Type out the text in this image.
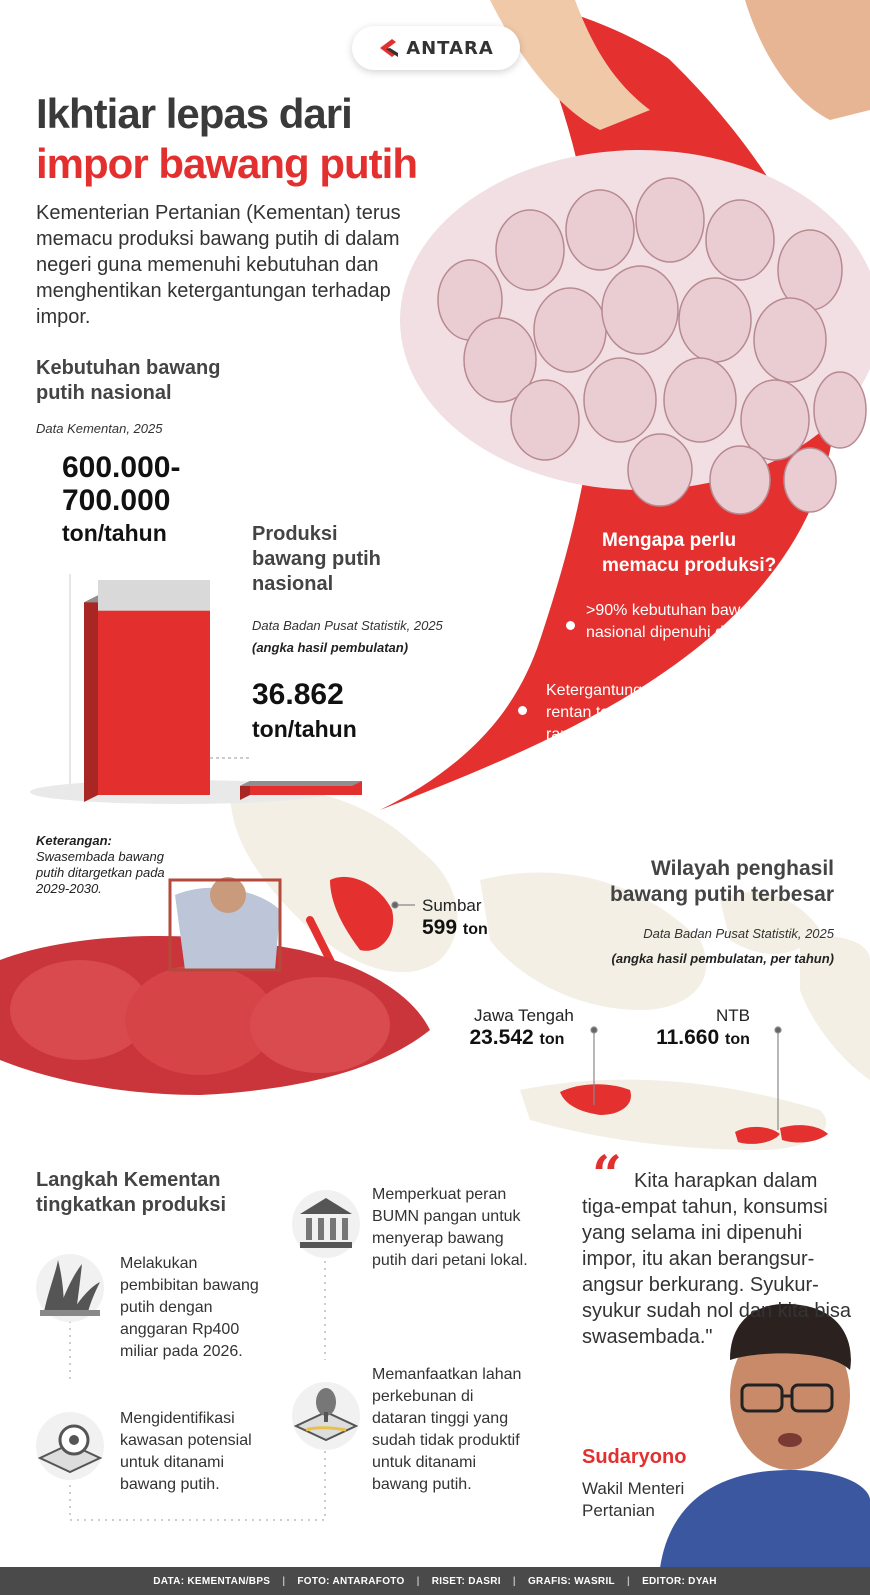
ANTARA
Ikhtiar lepas dari
impor bawang putih
Kementerian Pertanian (Kementan) terus memacu produksi bawang putih di dalam negeri guna memenuhi kebutuhan dan menghentikan ketergantungan terhadap impor.
Kebutuhan bawang
putih nasional
Data Kementan, 2025
600.000-
700.000
ton/tahun	Produksi
bawang putih
nasional
Data Badan Pusat Statistik, 2025
(angka hasil pembulatan)
36.862
ton/tahun
Mengapa perlu
memacu produksi?
>90% kebutuhan bawang putih nasional dipenuhi dari impor.
Ketergantungan pada impor rentan terhadap gangguan rantai pasok global.
Keterangan:
Swasembada bawang putih ditargetkan pada 2029-2030.
Wilayah penghasil
bawang putih terbesar
Data Badan Pusat Statistik, 2025
(angka hasil pembulatan, per tahun)
Sumbar
599 ton
Jawa Tengah
23.542 ton
NTB
11.660 ton
Langkah Kementan
tingkatkan produksi
Melakukan pembibitan bawang putih dengan anggaran Rp400 miliar pada 2026.
Mengidentifikasi kawasan potensial untuk ditanami bawang putih.
Memperkuat peran BUMN pangan untuk menyerap bawang putih dari petani lokal.
Memanfaatkan lahan perkebunan di dataran tinggi yang sudah tidak produktif untuk ditanami bawang putih.
“ Kita harapkan dalam tiga-empat tahun, konsumsi yang selama ini dipenuhi impor, itu akan berangsur-angsur berkurang. Syukur-syukur sudah nol dan kita bisa swasembada."
Sudaryono
Wakil Menteri
Pertanian
DATA: KEMENTAN/BPS | FOTO: ANTARAFOTO | RISET: DASRI | GRAFIS: WASRIL | EDITOR: DYAH
